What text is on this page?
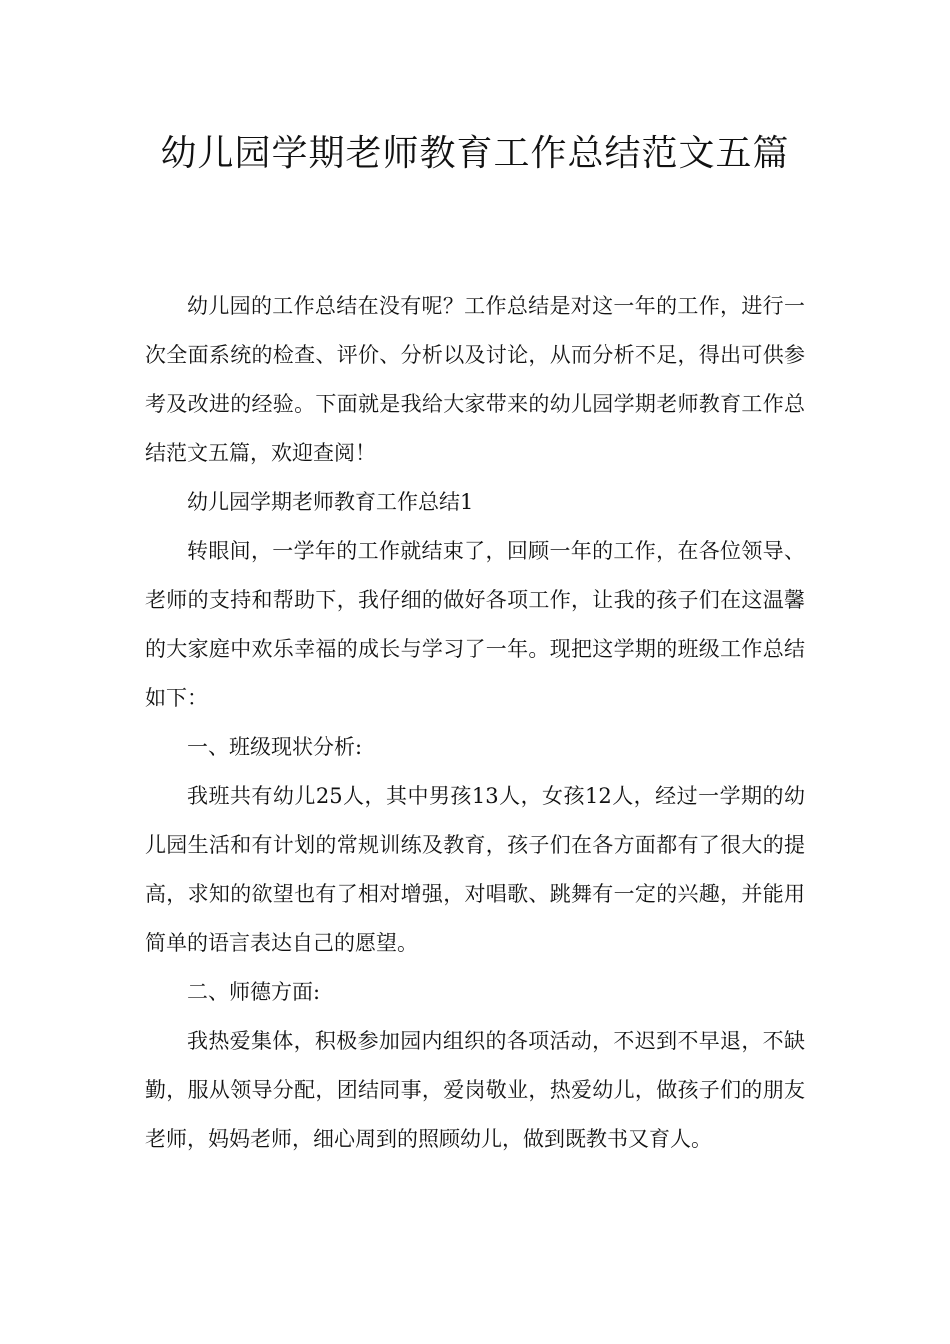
幼儿园学期老师教育工作总结范文五篇

幼儿园的工作总结在没有呢？工作总结是对这一年的工作，进行一次全面系统的检查、评价、分析以及讨论，从而分析不足，得出可供参考及改进的经验。下面就是我给大家带来的幼儿园学期老师教育工作总结范文五篇，欢迎查阅！

幼儿园学期老师教育工作总结1

转眼间，一学年的工作就结束了，回顾一年的工作，在各位领导、老师的支持和帮助下，我仔细的做好各项工作，让我的孩子们在这温馨的大家庭中欢乐幸福的成长与学习了一年。现把这学期的班级工作总结如下：

一、班级现状分析:

我班共有幼儿25人，其中男孩13人，女孩12人，经过一学期的幼儿园生活和有计划的常规训练及教育，孩子们在各方面都有了很大的提高，求知的欲望也有了相对增强，对唱歌、跳舞有一定的兴趣，并能用简单的语言表达自己的愿望。

二、师德方面:

我热爱集体，积极参加园内组织的各项活动，不迟到不早退，不缺勤，服从领导分配，团结同事，爱岗敬业，热爱幼儿，做孩子们的朋友老师，妈妈老师，细心周到的照顾幼儿，做到既教书又育人。
